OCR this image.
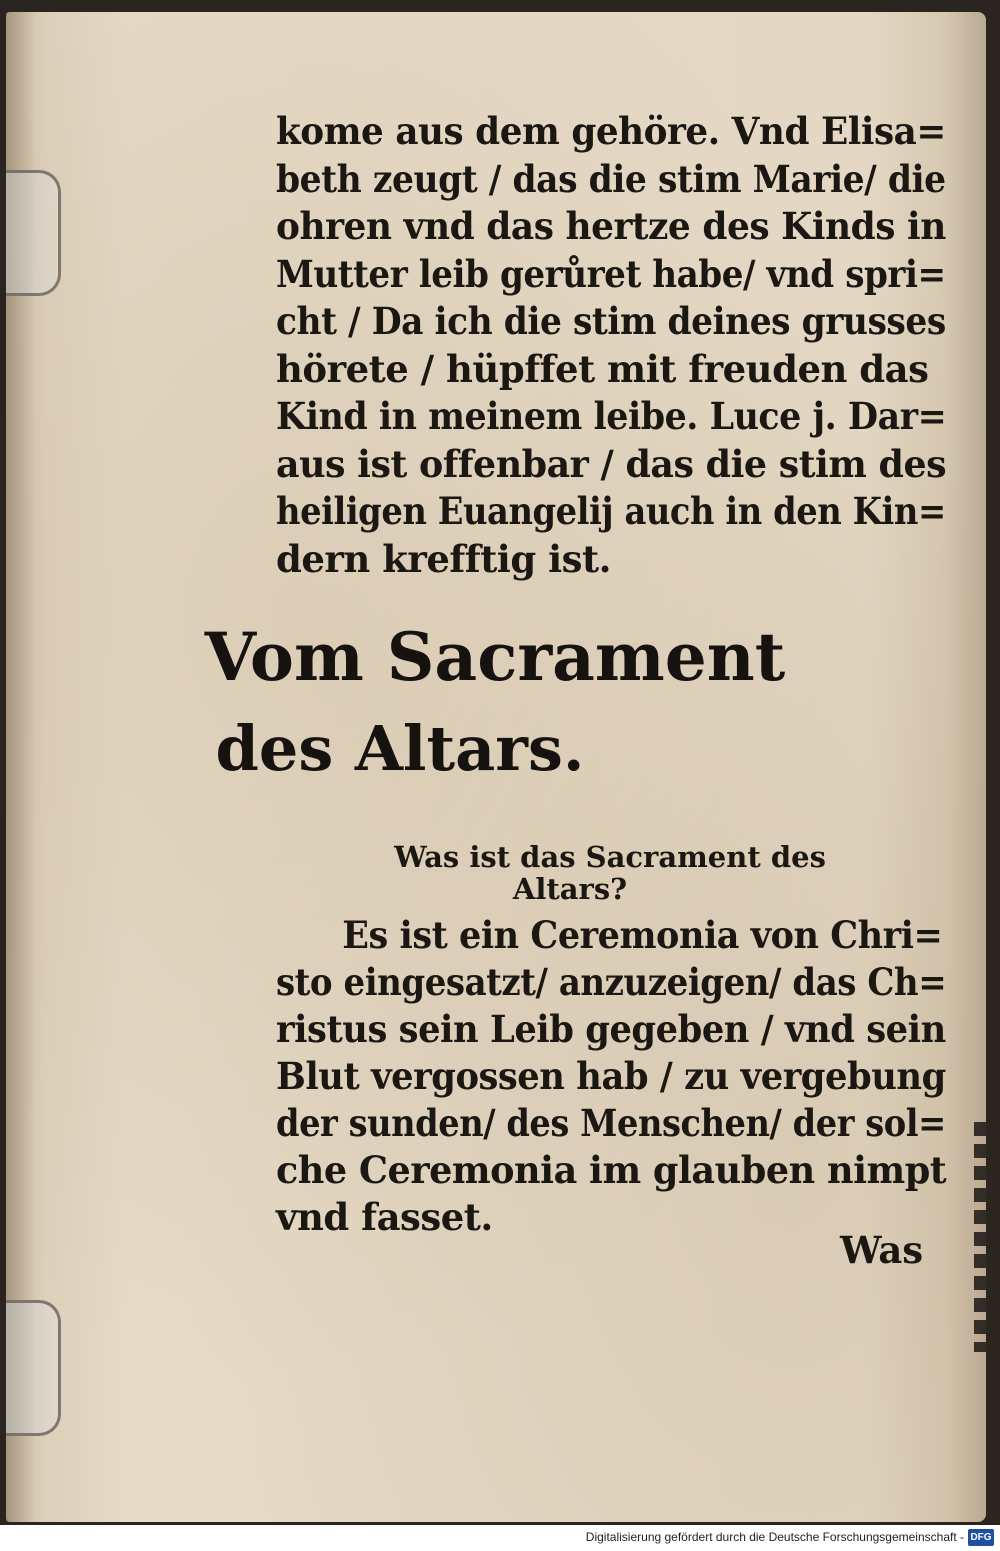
kome aus dem gehöre. Vnd Elisa=
beth zeugt / das die stim Marie/ die
ohren vnd das hertze des Kinds in
Mutter leib gerůret habe/ vnd spri=
cht / Da ich die stim deines grusses
hörete / hüpffet mit freuden das
Kind in meinem leibe. Luce j. Dar=
aus ist offenbar / das die stim des
heiligen Euangelij auch in den Kin=
dern krefftig ist.
Vom Sacrament
des Altars.
Was ist das Sacrament des
Altars?
Es ist ein Ceremonia von Chri=
sto eingesatzt/ anzuzeigen/ das Ch=
ristus sein Leib gegeben / vnd sein
Blut vergossen hab / zu vergebung
der sunden/ des Menschen/ der sol=
che Ceremonia im glauben nimpt
vnd fasset.
Was
Digitalisierung gefördert durch die Deutsche Forschungsgemeinschaft - DFG
